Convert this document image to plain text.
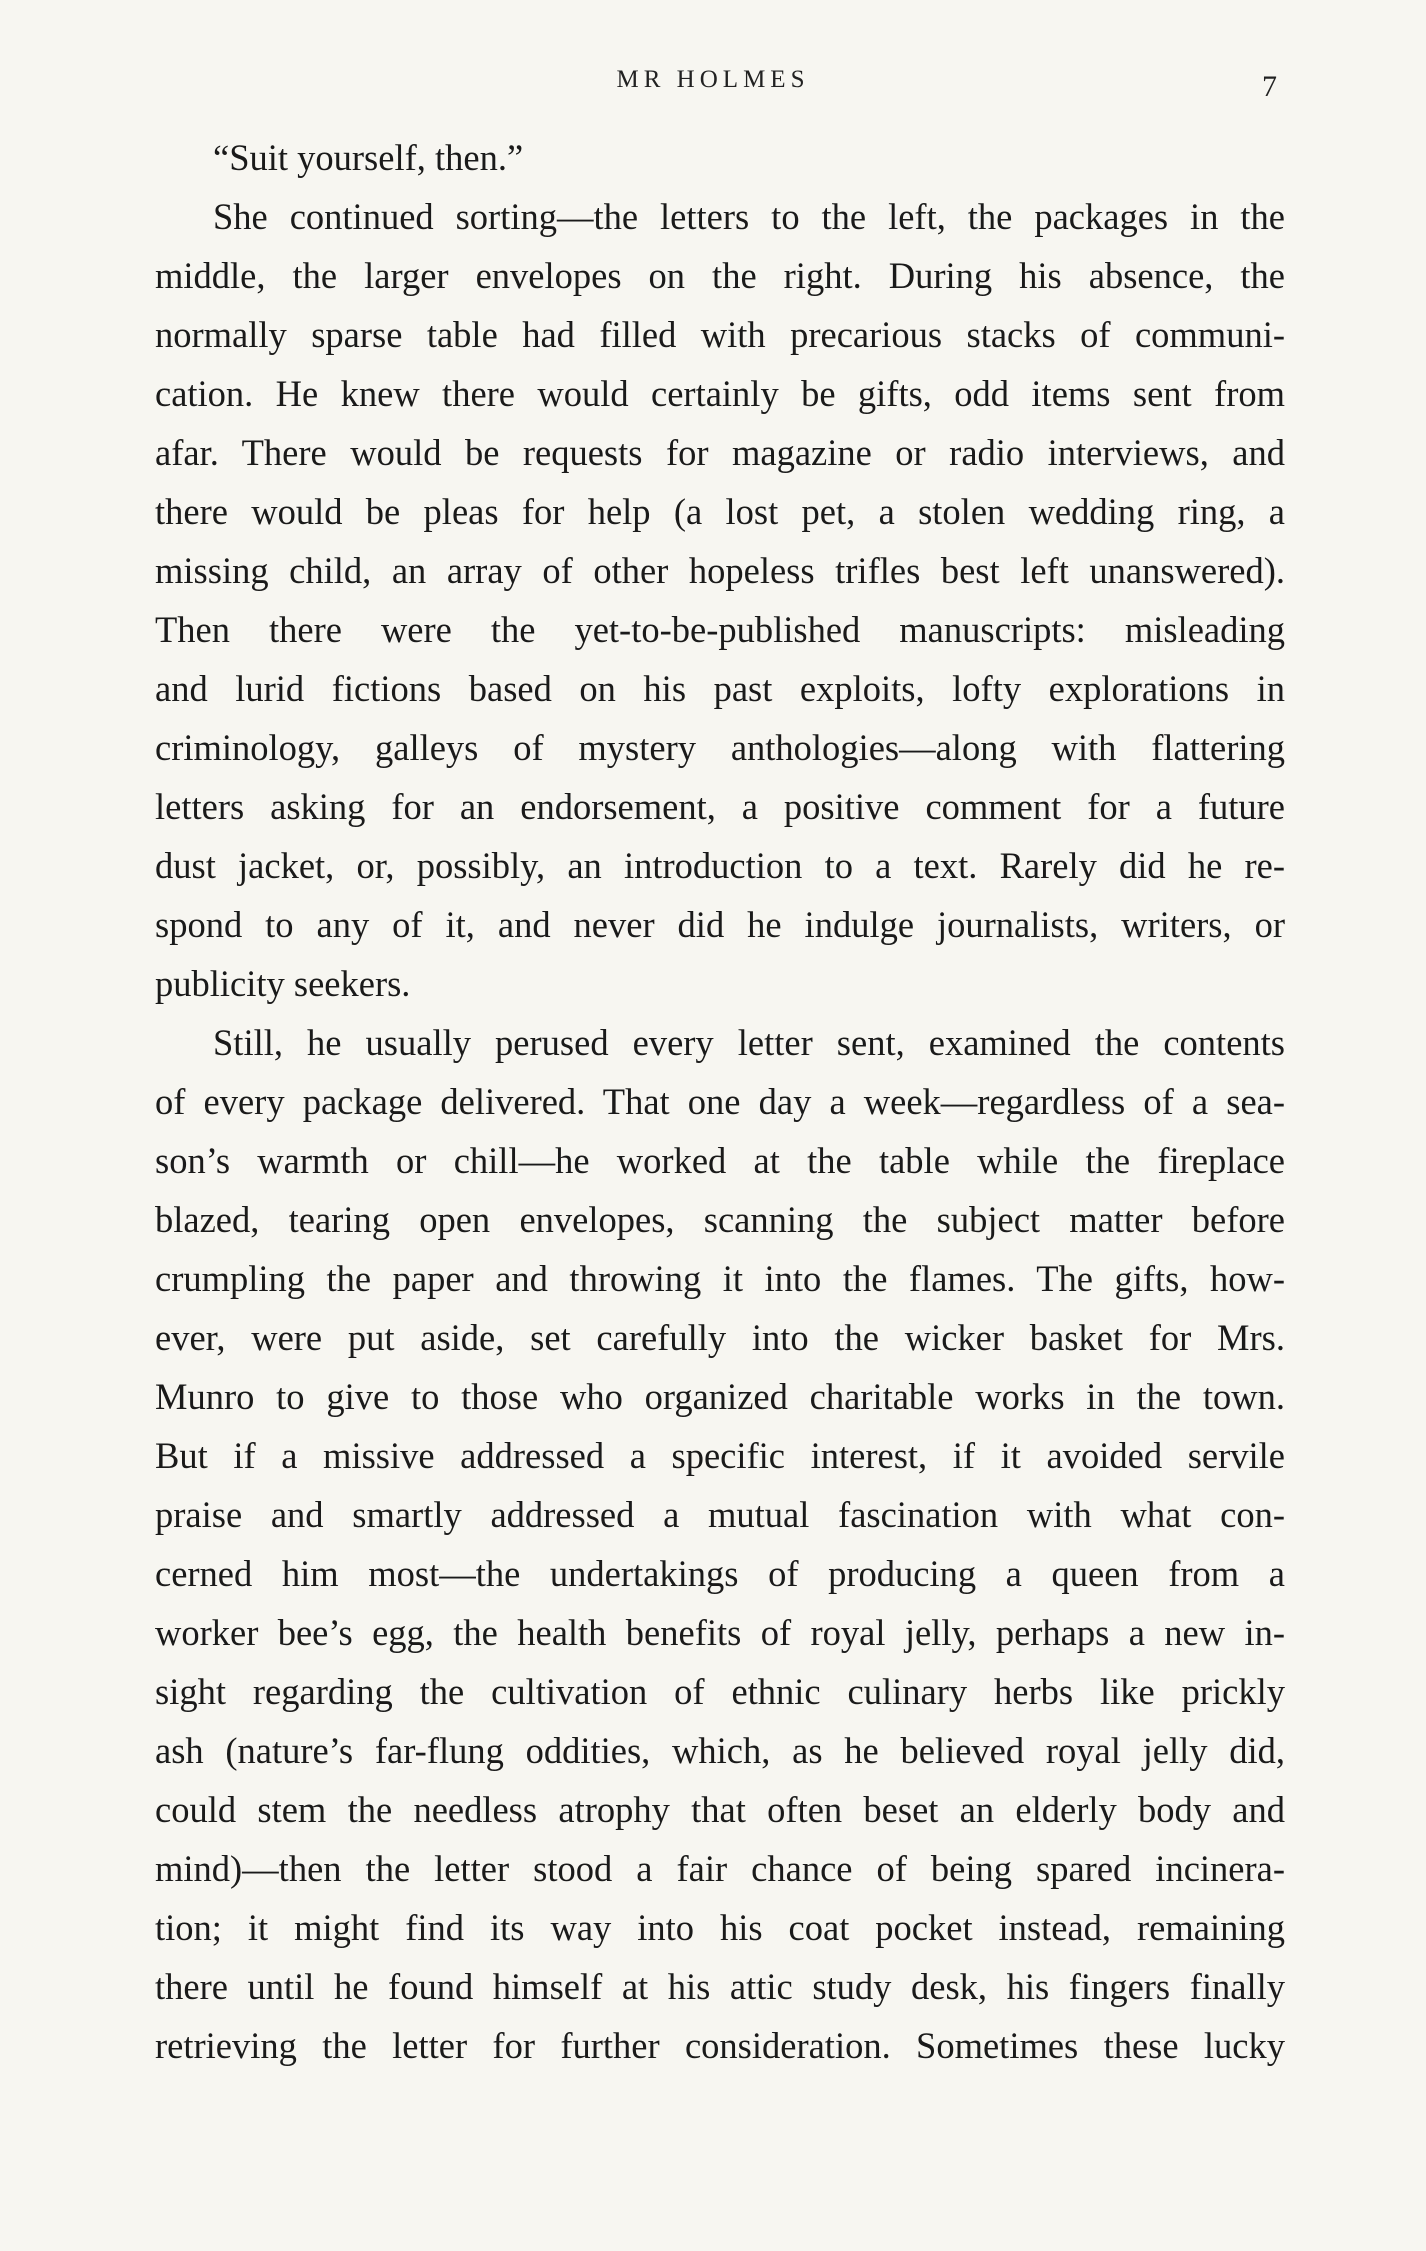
MR HOLMES	7
“Suit yourself, then.”
She continued sorting—the letters to the left, the packages in the
middle, the larger envelopes on the right. During his absence, the
normally sparse table had filled with precarious stacks of communi-
cation. He knew there would certainly be gifts, odd items sent from
afar. There would be requests for magazine or radio interviews, and
there would be pleas for help (a lost pet, a stolen wedding ring, a
missing child, an array of other hopeless trifles best left unanswered).
Then there were the yet-to-be-published manuscripts: misleading
and lurid fictions based on his past exploits, lofty explorations in
criminology, galleys of mystery anthologies—along with flattering
letters asking for an endorsement, a positive comment for a future
dust jacket, or, possibly, an introduction to a text. Rarely did he re-
spond to any of it, and never did he indulge journalists, writers, or
publicity seekers.
Still, he usually perused every letter sent, examined the contents
of every package delivered. That one day a week—regardless of a sea-
son’s warmth or chill—he worked at the table while the fireplace
blazed, tearing open envelopes, scanning the subject matter before
crumpling the paper and throwing it into the flames. The gifts, how-
ever, were put aside, set carefully into the wicker basket for Mrs.
Munro to give to those who organized charitable works in the town.
But if a missive addressed a specific interest, if it avoided servile
praise and smartly addressed a mutual fascination with what con-
cerned him most—the undertakings of producing a queen from a
worker bee’s egg, the health benefits of royal jelly, perhaps a new in-
sight regarding the cultivation of ethnic culinary herbs like prickly
ash (nature’s far-flung oddities, which, as he believed royal jelly did,
could stem the needless atrophy that often beset an elderly body and
mind)—then the letter stood a fair chance of being spared incinera-
tion; it might find its way into his coat pocket instead, remaining
there until he found himself at his attic study desk, his fingers finally
retrieving the letter for further consideration. Sometimes these lucky
